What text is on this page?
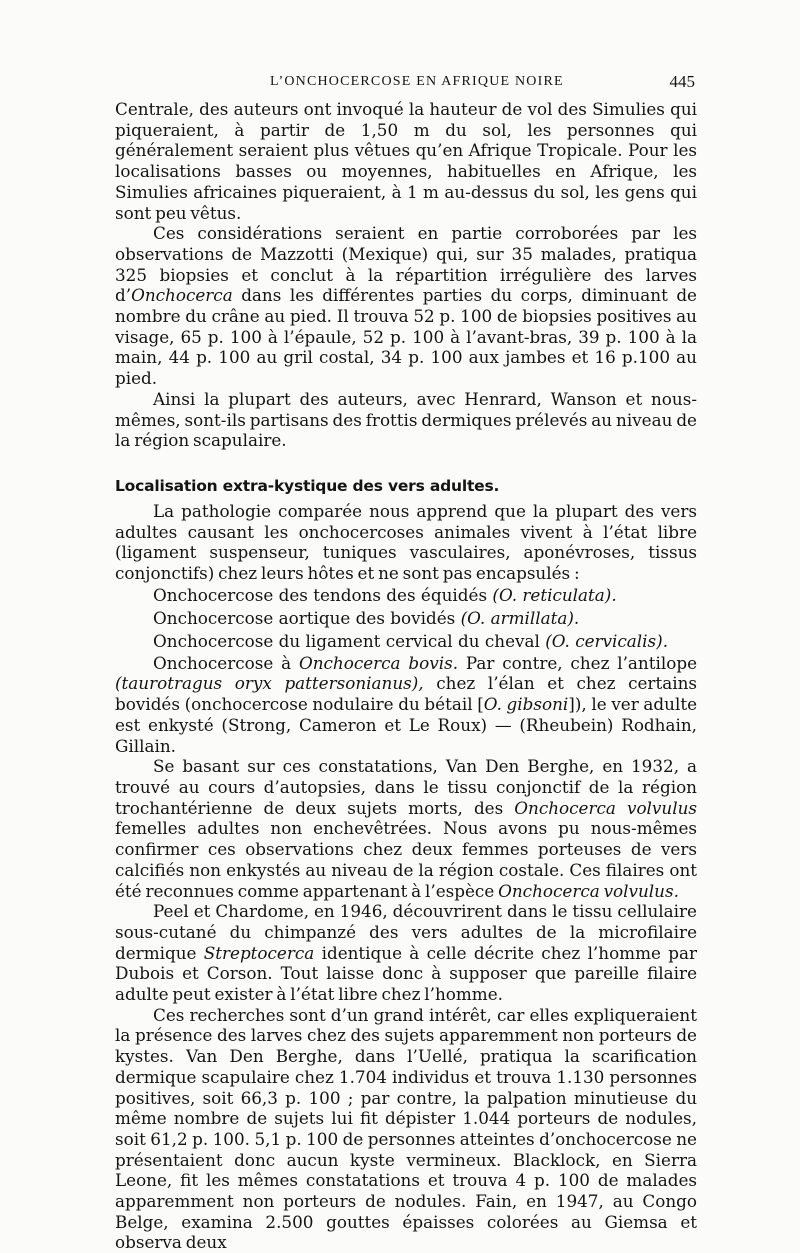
L’ONCHOCERCOSE EN AFRIQUE NOIRE	445

Centrale, des auteurs ont invoqué la hauteur de vol des Simulies qui piqueraient, à partir de 1,50 m du sol, les personnes qui généralement seraient plus vêtues qu’en Afrique Tropicale. Pour les localisations basses ou moyennes, habituelles en Afrique, les Simulies africaines piqueraient, à 1 m au-dessus du sol, les gens qui sont peu vêtus.

Ces considérations seraient en partie corroborées par les observations de Mazzotti (Mexique) qui, sur 35 malades, pratiqua 325 biopsies et conclut à la répartition irrégulière des larves d’Onchocerca dans les différentes parties du corps, diminuant de nombre du crâne au pied. Il trouva 52 p. 100 de biopsies positives au visage, 65 p. 100 à l’épaule, 52 p. 100 à l’avant-bras, 39 p. 100 à la main, 44 p. 100 au gril costal, 34 p. 100 aux jambes et 16 p.100 au pied.

Ainsi la plupart des auteurs, avec Henrard, Wanson et nous-mêmes, sont-ils partisans des frottis dermiques prélevés au niveau de la région scapulaire.

Localisation extra-kystique des vers adultes.

La pathologie comparée nous apprend que la plupart des vers adultes causant les onchocercoses animales vivent à l’état libre (ligament suspenseur, tuniques vasculaires, aponévroses, tissus conjonctifs) chez leurs hôtes et ne sont pas encapsulés :

Onchocercose des tendons des équidés (O. reticulata).

Onchocercose aortique des bovidés (O. armillata).

Onchocercose du ligament cervical du cheval (O. cervicalis).

Onchocercose à Onchocerca bovis. Par contre, chez l’antilope (taurotragus oryx pattersonianus), chez l’élan et chez certains bovidés (onchocercose nodulaire du bétail [O. gibsoni]), le ver adulte est enkysté (Strong, Cameron et Le Roux) — (Rheubein) Rodhain, Gillain.

Se basant sur ces constatations, Van Den Berghe, en 1932, a trouvé au cours d’autopsies, dans le tissu conjonctif de la région trochantérienne de deux sujets morts, des Onchocerca volvulus femelles adultes non enchevêtrées. Nous avons pu nous-mêmes confirmer ces observations chez deux femmes porteuses de vers calcifiés non enkystés au niveau de la région costale. Ces filaires ont été reconnues comme appartenant à l’espèce Onchocerca volvulus.

Peel et Chardome, en 1946, découvrirent dans le tissu cellulaire sous-cutané du chimpanzé des vers adultes de la microfilaire dermique Streptocerca identique à celle décrite chez l’homme par Dubois et Corson. Tout laisse donc à supposer que pareille filaire adulte peut exister à l’état libre chez l’homme.

Ces recherches sont d’un grand intérêt, car elles expliqueraient la présence des larves chez des sujets apparemment non porteurs de kystes. Van Den Berghe, dans l’Uellé, pratiqua la scarification dermique scapulaire chez 1.704 individus et trouva 1.130 personnes positives, soit 66,3 p. 100 ; par contre, la palpation minutieuse du même nombre de sujets lui fit dépister 1.044 porteurs de nodules, soit 61,2 p. 100. 5,1 p. 100 de personnes atteintes d’onchocercose ne présentaient donc aucun kyste vermineux. Blacklock, en Sierra Leone, fit les mêmes constatations et trouva 4 p. 100 de malades apparemment non porteurs de nodules. Fain, en 1947, au Congo Belge, examina 2.500 gouttes épaisses colorées au Giemsa et observa deux
